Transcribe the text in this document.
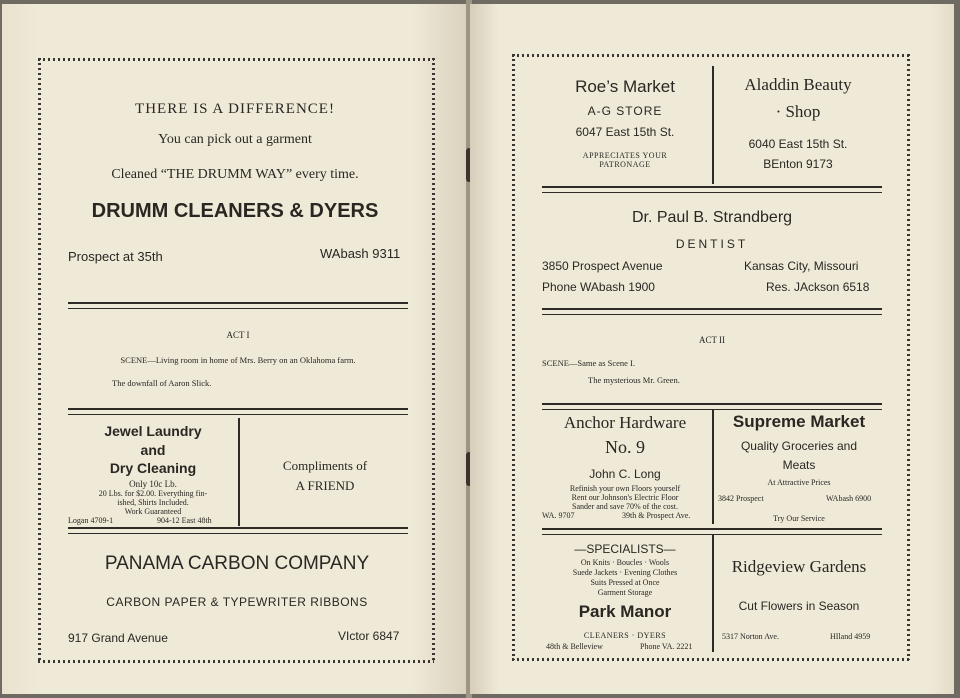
THERE IS A DIFFERENCE!
You can pick out a garment
Cleaned “THE DRUMM WAY” every time.
DRUMM CLEANERS & DYERS
Prospect at 35th	WAbash 9311
ACT I
SCENE—Living room in home of Mrs. Berry on an Oklahoma farm.
The downfall of Aaron Slick.
Jewel Laundry
and
Dry Cleaning
Only 10c Lb.
20 Lbs. for $2.00. Everything fin-
ished, Shirts Included.
Work Guaranteed
Logan 4709-1	904-12 East 48th
Compliments of
A FRIEND
PANAMA CARBON COMPANY
CARBON PAPER & TYPEWRITER RIBBONS
917 Grand Avenue	VIctor 6847
Roe’s Market
A-G STORE
6047 East 15th St.
APPRECIATES YOUR
PATRONAGE
Aladdin Beauty
· Shop
6040 East 15th St.
BEnton 9173
Dr. Paul B. Strandberg
DENTIST
3850 Prospect Avenue	Kansas City, Missouri
Phone WAbash 1900	Res. JAckson 6518
ACT II
SCENE—Same as Scene I.
The mysterious Mr. Green.
Anchor Hardware
No. 9
John C. Long
Refinish your own Floors yourself
Rent our Johnson's Electric Floor
Sander and save 70% of the cost.
WA. 9707	39th & Prospect Ave.
Supreme Market
Quality Groceries and
Meats
At Attractive Prices
3842 Prospect	WAbash 6900
Try Our Service
—SPECIALISTS—
On Knits · Boucles · Wools
Suede Jackets · Evening Clothes
Suits Pressed at Once
Garment Storage
Park Manor
CLEANERS · DYERS
48th & Belleview	Phone VA. 2221
Ridgeview Gardens
Cut Flowers in Season
5317 Norton Ave.	HIland 4959
